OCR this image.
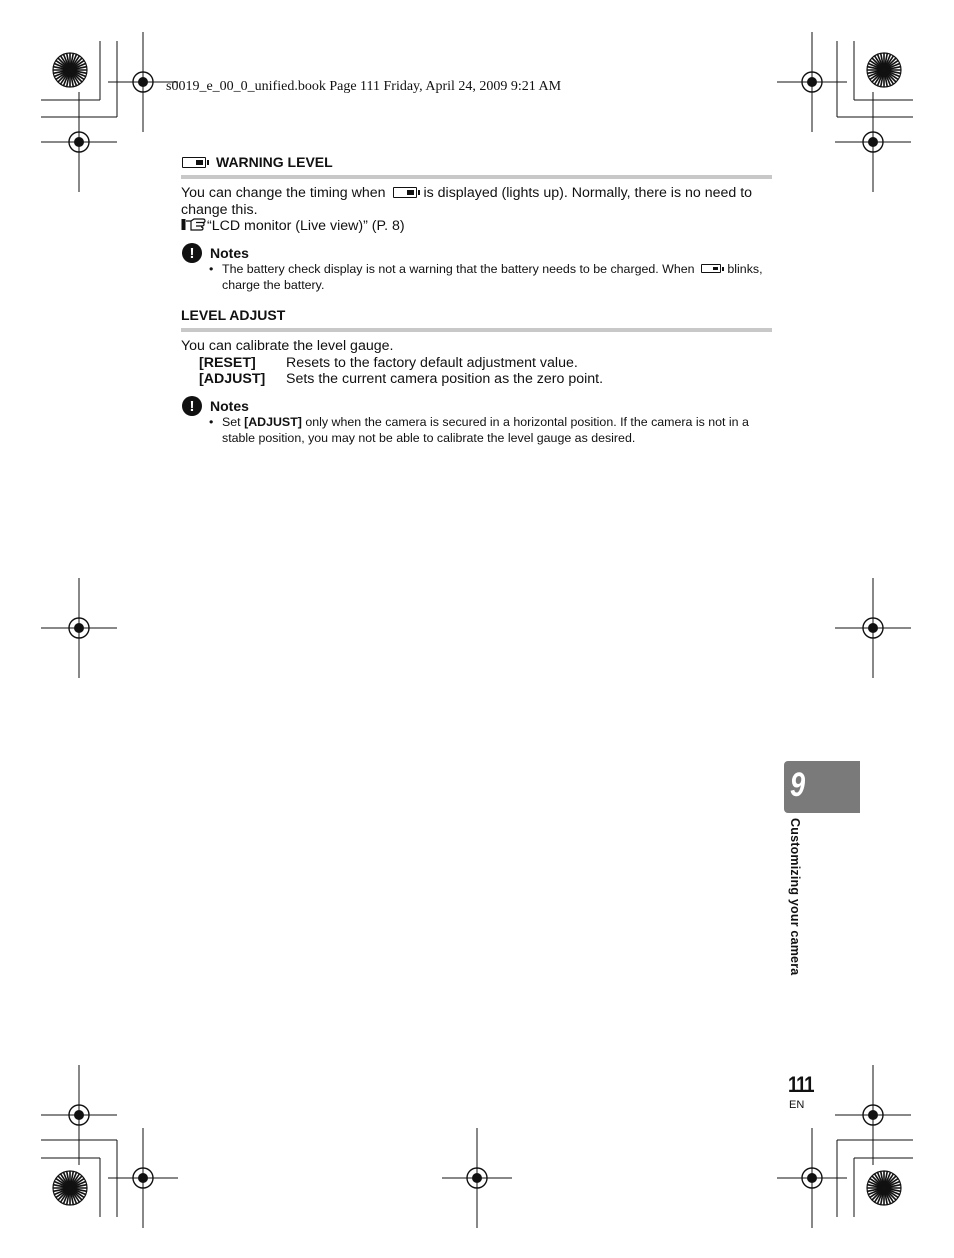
s0019_e_00_0_unified.book Page 111 Friday, April 24, 2009 9:21 AM
WARNING LEVEL
You can change the timing when	is displayed (lights up). Normally, there is no need to change this.
“LCD monitor (Live view)” (P. 8)
!	Notes
• The battery check display is not a warning that the battery needs to be charged. When	blinks, charge the battery.
LEVEL ADJUST
You can calibrate the level gauge.
[RESET]	Resets to the factory default adjustment value.
[ADJUST]	Sets the current camera position as the zero point.
!	Notes
• Set [ADJUST] only when the camera is secured in a horizontal position. If the camera is not in a stable position, you may not be able to calibrate the level gauge as desired.
9
Customizing your camera
111
EN
